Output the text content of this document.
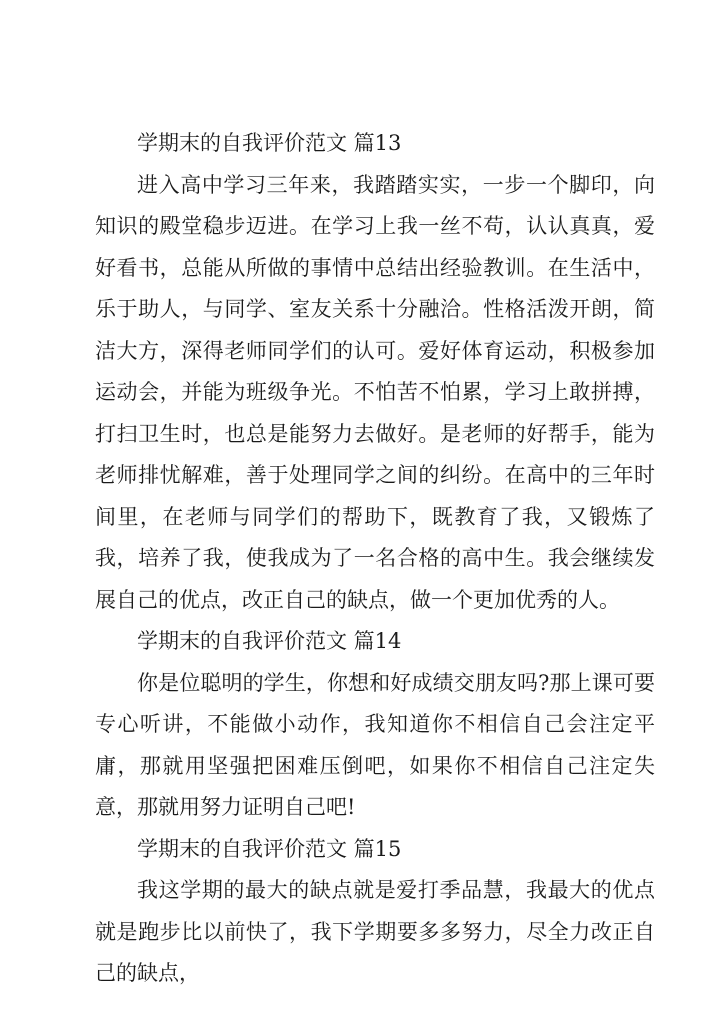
学期末的自我评价范文 篇13

进入高中学习三年来，我踏踏实实，一步一个脚印，向知识的殿堂稳步迈进。在学习上我一丝不苟，认认真真，爱好看书，总能从所做的事情中总结出经验教训。在生活中，乐于助人，与同学、室友关系十分融洽。性格活泼开朗，简洁大方，深得老师同学们的认可。爱好体育运动，积极参加运动会，并能为班级争光。不怕苦不怕累，学习上敢拼搏，打扫卫生时，也总是能努力去做好。是老师的好帮手，能为老师排忧解难，善于处理同学之间的纠纷。在高中的三年时间里，在老师与同学们的帮助下，既教育了我，又锻炼了我，培养了我，使我成为了一名合格的高中生。我会继续发展自己的优点，改正自己的缺点，做一个更加优秀的人。

学期末的自我评价范文 篇14

你是位聪明的学生，你想和好成绩交朋友吗?那上课可要专心听讲，不能做小动作，我知道你不相信自己会注定平庸，那就用坚强把困难压倒吧，如果你不相信自己注定失意，那就用努力证明自己吧!

学期末的自我评价范文 篇15

我这学期的最大的缺点就是爱打季品慧，我最大的优点就是跑步比以前快了，我下学期要多多努力，尽全力改正自己的缺点，
